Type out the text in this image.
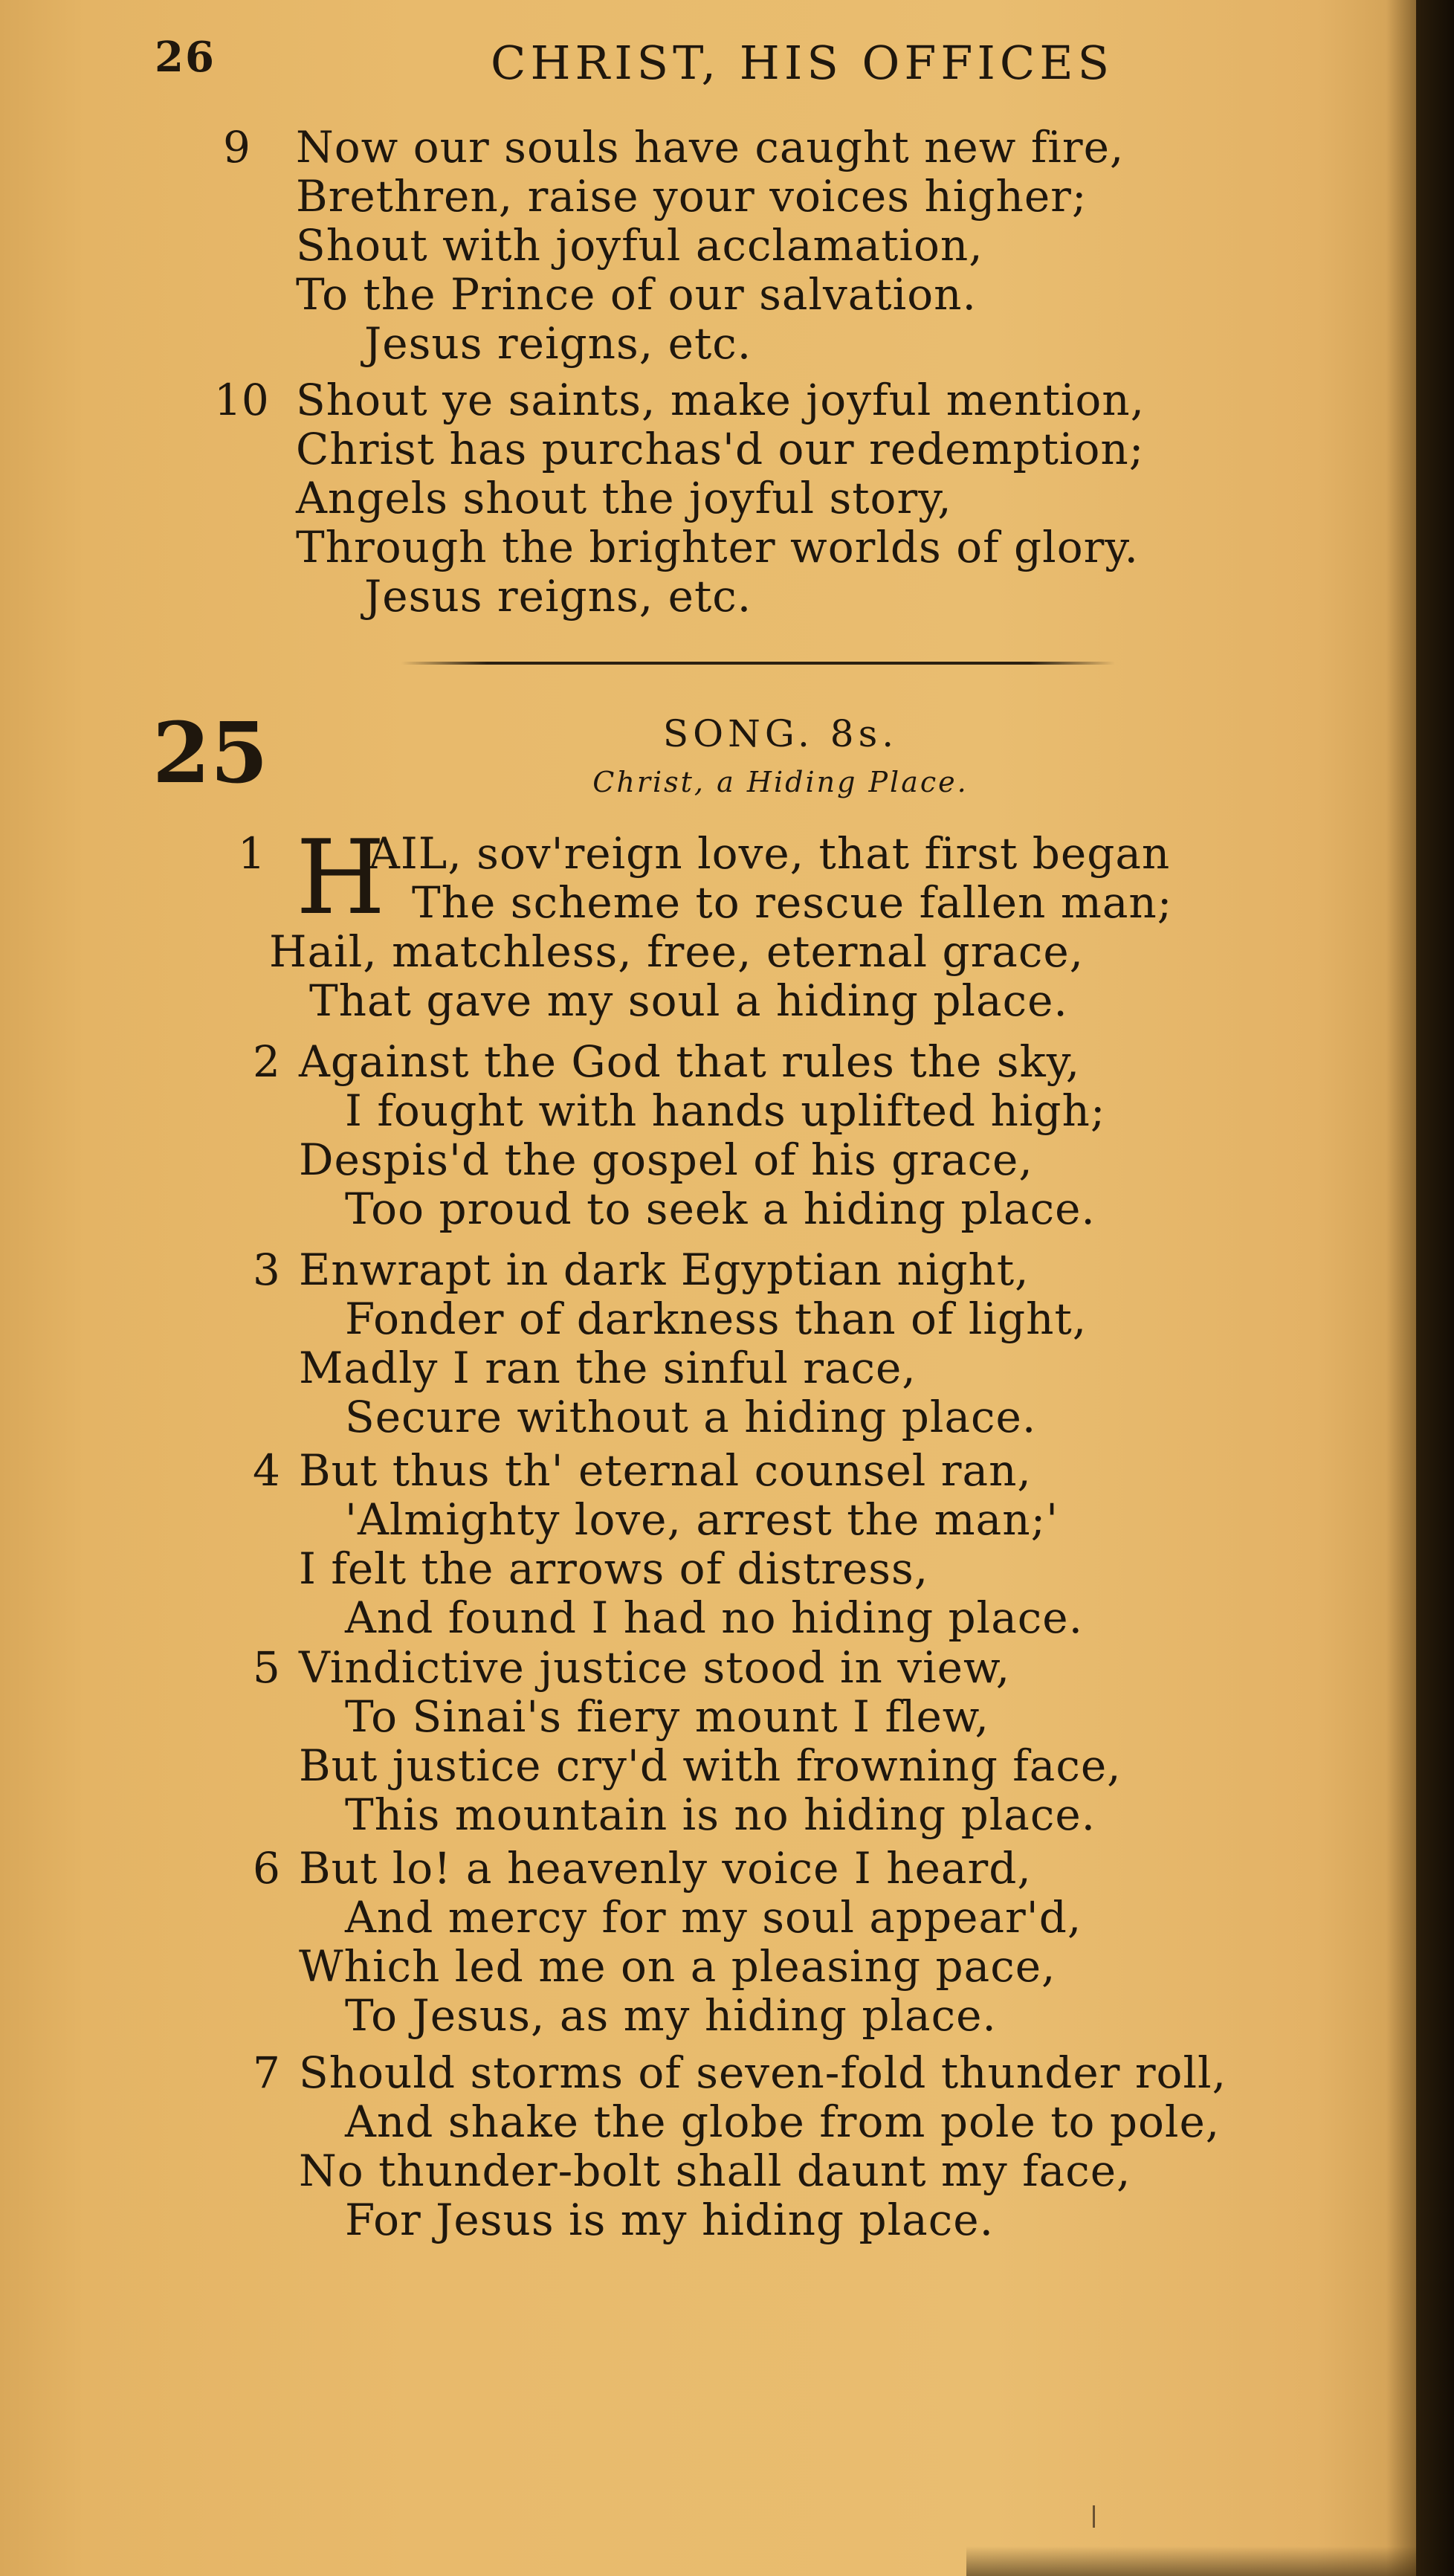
26	CHRIST, HIS OFFICES
9	Now our souls have caught new fire,
Brethren, raise your voices higher;
Shout with joyful acclamation,
To the Prince of our salvation.
Jesus reigns, etc.
10 Shout ye saints, make joyful mention,
Christ has purchas'd our redemption;
Angels shout the joyful story,
Through the brighter worlds of glory.
Jesus reigns, etc.
25	SONG. 8s.
Christ, a Hiding Place.
1 H
AIL, sov'reign love, that first began
The scheme to rescue fallen man;
Hail, matchless, free, eternal grace,
That gave my soul a hiding place.
2 Against the God that rules the sky,
I fought with hands uplifted high;
Despis'd the gospel of his grace,
Too proud to seek a hiding place.
3 Enwrapt in dark Egyptian night,
Fonder of darkness than of light,
Madly I ran the sinful race,
Secure without a hiding place.
4 But thus th' eternal counsel ran,
'Almighty love, arrest the man;'
I felt the arrows of distress,
And found I had no hiding place.
5 Vindictive justice stood in view,
To Sinai's fiery mount I flew,
But justice cry'd with frowning face,
This mountain is no hiding place.
6 But lo! a heavenly voice I heard,
And mercy for my soul appear'd,
Which led me on a pleasing pace,
To Jesus, as my hiding place.
7 Should storms of seven-fold thunder roll,
And shake the globe from pole to pole,
No thunder-bolt shall daunt my face,
For Jesus is my hiding place.
